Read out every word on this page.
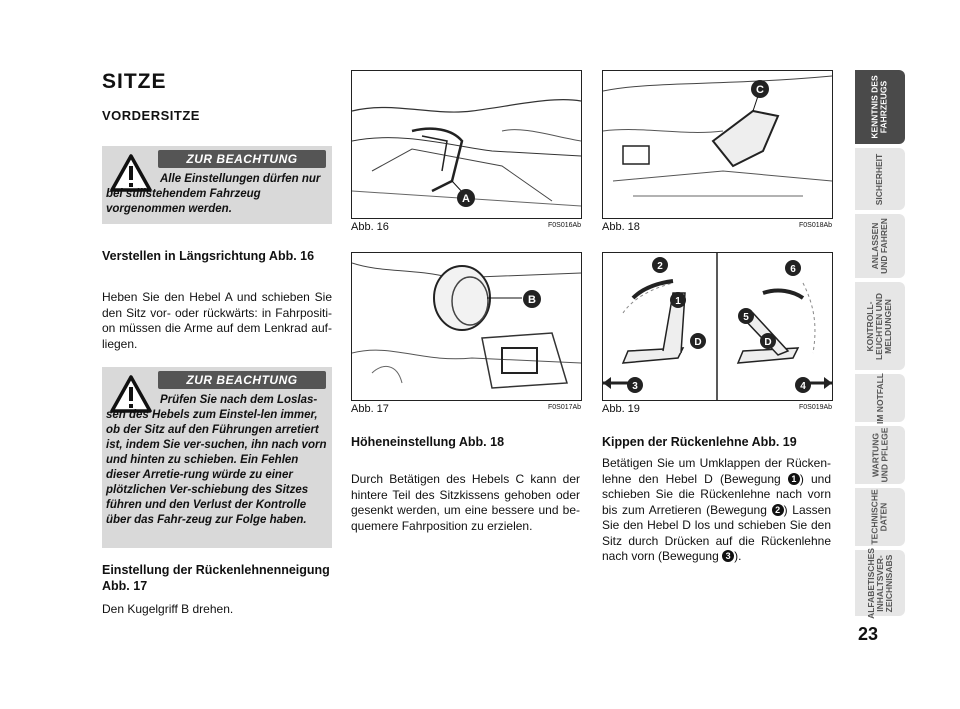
SITZE
VORDERSITZE
ZUR BEACHTUNG
Alle Einstellungen dürfen nur bei stillstehendem Fahrzeug vorgenommen werden.
Verstellen in Längsrichtung Abb. 16
Heben Sie den Hebel A und schieben Sie den Sitz vor- oder rückwärts: in Fahrpositi-on müssen die Arme auf dem Lenkrad auf-liegen.
ZUR BEACHTUNG
Prüfen Sie nach dem Loslas-sen des Hebels zum Einstel-len immer, ob der Sitz auf den Führungen arretiert ist, indem Sie ver-suchen, ihn nach vorn und hinten zu schieben. Ein Fehlen dieser Arretie-rung würde zu einer plötzlichen Ver-schiebung des Sitzes führen und den Verlust der Kontrolle über das Fahr-zeug zur Folge haben.
Einstellung der Rückenlehnenneigung Abb. 17
Den Kugelgriff B drehen.
A
Abb. 16	F0S016Ab
B
Abb. 17	F0S017Ab
C
Abb. 18	F0S018Ab
1
2
3	4
5
6
D	D
Abb. 19	F0S019Ab
Höheneinstellung Abb. 18
Durch Betätigen des Hebels C kann der hintere Teil des Sitzkissens gehoben oder gesenkt werden, um eine bessere und be-quemere Fahrposition zu erzielen.
Kippen der Rückenlehne Abb. 19
Betätigen Sie um Umklappen der Rücken-lehne den Hebel D (Bewegung 1 ) und schieben Sie die Rückenlehne nach vorn bis zum Arretieren (Bewegung 2 ) Lassen Sie den Hebel D los und schieben Sie den Sitz durch Drücken auf die Rückenlehne nach vorn (Bewegung 3 ).
KENNTNIS DES
FAHRZEUGS
SICHERHEIT
ANLASSEN
UND FAHREN
KONTROLL-
LEUCHTEN UND
MELDUNGEN
IM NOTFALL
WARTUNG
UND PFLEGE
TECHNISCHE
DATEN
ALFABETISCHES
INHALTSVER-
ZEICHNISABS
23
